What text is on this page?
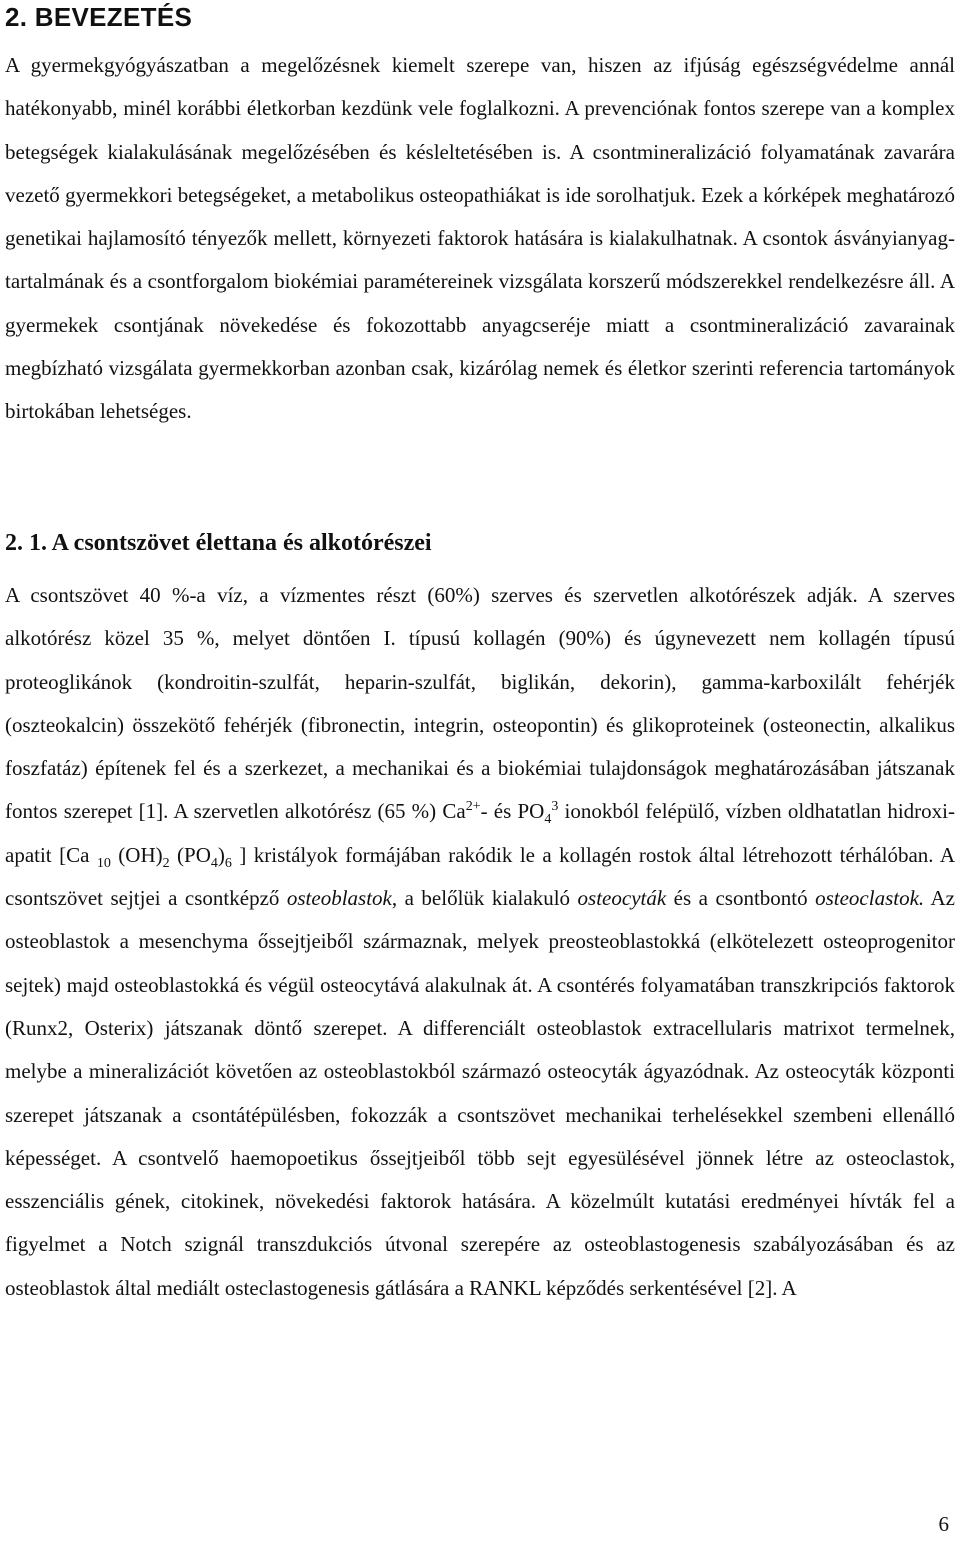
2. BEVEZETÉS

A gyermekgyógyászatban a megelőzésnek kiemelt szerepe van, hiszen az ifjúság egészségvédelme annál hatékonyabb, minél korábbi életkorban kezdünk vele foglalkozni. A prevenciónak fontos szerepe van a komplex betegségek kialakulásának megelőzésében és késleltetésében is. A csontmineralizáció folyamatának zavarára vezető gyermekkori betegségeket, a metabolikus osteopathiákat is ide sorolhatjuk. Ezek a kórképek meghatározó genetikai hajlamosító tényezők mellett, környezeti faktorok hatására is kialakulhatnak. A csontok ásványianyag-tartalmának és a csontforgalom biokémiai paramétereinek vizsgálata korszerű módszerekkel rendelkezésre áll. A gyermekek csontjának növekedése és fokozottabb anyagcseréje miatt a csontmineralizáció zavarainak megbízható vizsgálata gyermekkorban azonban csak, kizárólag nemek és életkor szerinti referencia tartományok birtokában lehetséges.

2. 1. A csontszövet élettana és alkotórészei

A csontszövet 40 %-a víz, a vízmentes részt (60%) szerves és szervetlen alkotórészek adják. A szerves alkotórész közel 35 %, melyet döntően I. típusú kollagén (90%) és úgynevezett nem kollagén típusú proteoglikánok (kondroitin-szulfát, heparin-szulfát, biglikán, dekorin), gamma-karboxilált fehérjék (oszteokalcin) összekötő fehérjék (fibronectin, integrin, osteopontin) és glikoproteinek (osteonectin, alkalikus foszfatáz) építenek fel és a szerkezet, a mechanikai és a biokémiai tulajdonságok meghatározásában játszanak fontos szerepet [1]. A szervetlen alkotórész (65 %) $Ca^{2+}-$ és $PO_4^3$ ionokból felépülő, vízben oldhatatlan hidroxi-apatit [Ca $_{10}$ $(OH)_2$ $(PO_4)_6$ ] kristályok formájában rakódik le a kollagén rostok által létrehozott térhálóban. A csontszövet sejtjei a csontképző osteoblastok, a belőlük kialakuló osteocyták és a csontbontó osteoclastok. Az osteoblastok a mesenchyma őssejtjeiből származnak, melyek preosteoblastokká (elkötelezett osteoprogenitor sejtek) majd osteoblastokká és végül osteocytává alakulnak át. A csontérés folyamatában transzkripciós faktorok (Runx2, Osterix) játszanak döntő szerepet. A differenciált osteoblastok extracellularis matrixot termelnek, melybe a mineralizációt követően az osteoblastokból származó osteocyták ágyazódnak. Az osteocyták központi szerepet játszanak a csontátépülésben, fokozzák a csontszövet mechanikai terhelésekkel szembeni ellenálló képességet. A csontvelő haemopoetikus őssejtjeiből több sejt egyesülésével jönnek létre az osteoclastok, esszenciális gének, citokinek, növekedési faktorok hatására. A közelmúlt kutatási eredményei hívták fel a figyelmet a Notch szignál transzdukciós útvonal szerepére az osteoblastogenesis szabályozásában és az osteoblastok által mediált osteclastogenesis gátlására a RANKL képződés serkentésével [2]. A

6
